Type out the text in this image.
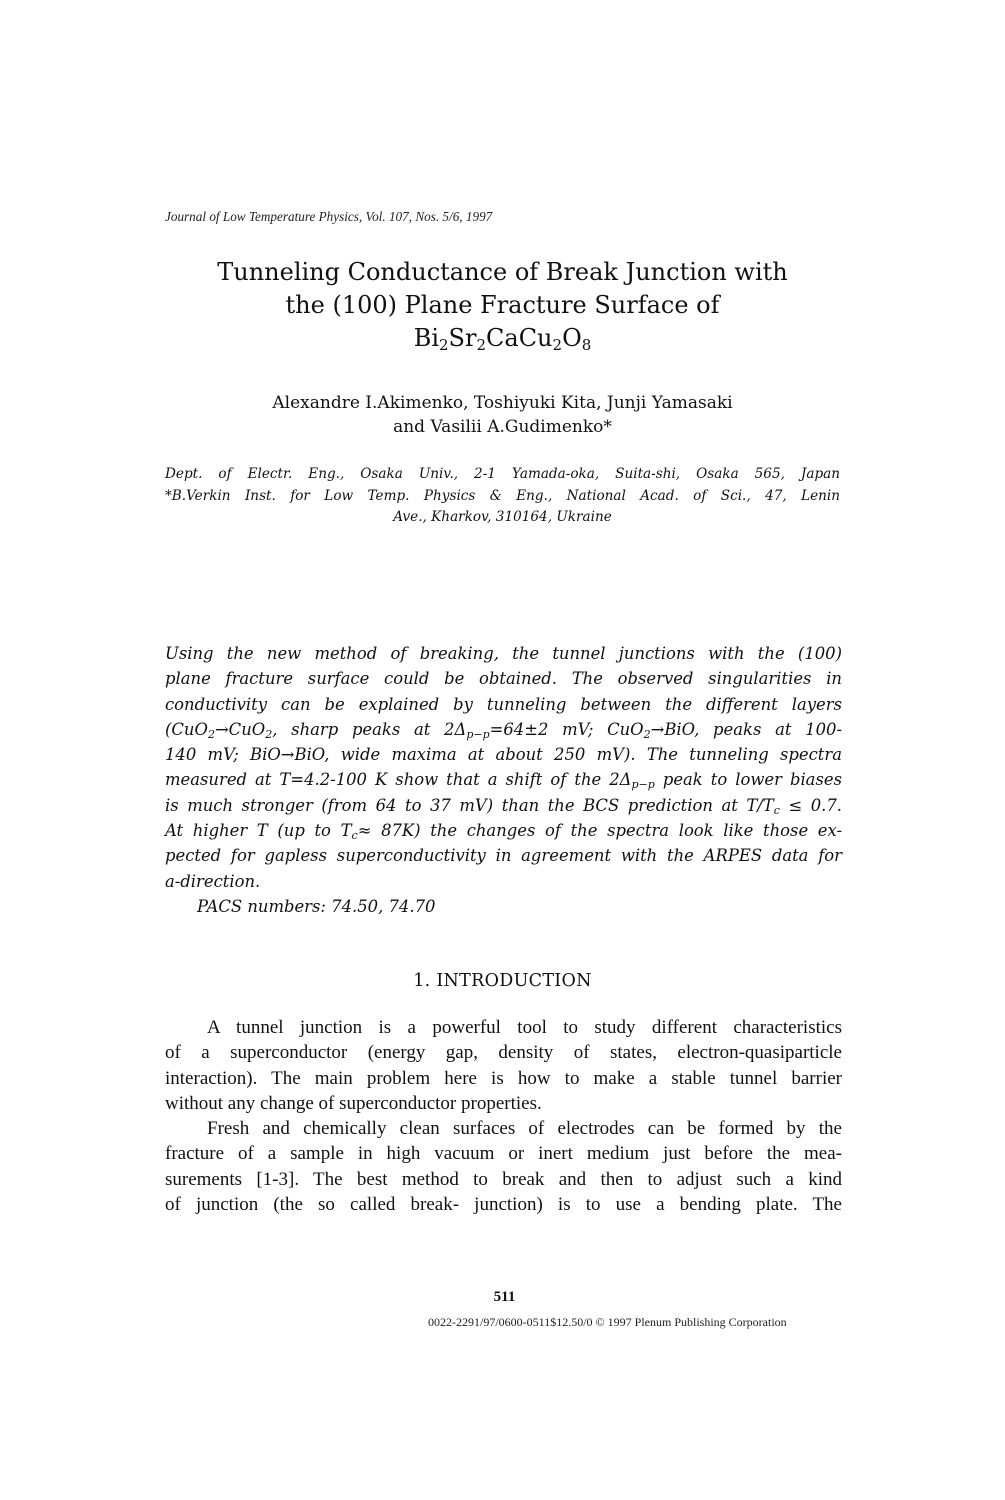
Journal of Low Temperature Physics, Vol. 107, Nos. 5/6, 1997
Tunneling Conductance of Break Junction with
the (100) Plane Fracture Surface of
$Bi_2Sr_2CaCu_2O_8$
Alexandre I.Akimenko, Toshiyuki Kita, Junji Yamasaki
and Vasilii A.Gudimenko*
Dept. of Electr. Eng., Osaka Univ., 2-1 Yamada-oka, Suita-shi, Osaka 565, Japan
*B.Verkin Inst. for Low Temp. Physics & Eng., National Acad. of Sci., 47, Lenin
Ave., Kharkov, 310164, Ukraine
Using the new method of breaking, the tunnel junctions with the (100)
plane fracture surface could be obtained. The observed singularities in
conductivity can be explained by tunneling between the different layers
(CuO$_2$→CuO$_2$, sharp peaks at $2\Delta_{p-p}=64\pm 2$ mV; CuO$_2$→BiO, peaks at 100-
140 mV; BiO→BiO, wide maxima at about 250 mV). The tunneling spectra
measured at T=4.2-100 K show that a shift of the $2\Delta_{p-p}$ peak to lower biases
is much stronger (from 64 to 37 mV) than the BCS prediction at $T/T_c \le 0.7$.
At higher T (up to $T_c\approx 87K$) the changes of the spectra look like those ex-
pected for gapless superconductivity in agreement with the ARPES data for
a-direction.
PACS numbers: 74.50, 74.70
1. INTRODUCTION
A tunnel junction is a powerful tool to study different characteristics
of a superconductor (energy gap, density of states, electron-quasiparticle
interaction). The main problem here is how to make a stable tunnel barrier
without any change of superconductor properties.
Fresh and chemically clean surfaces of electrodes can be formed by the
fracture of a sample in high vacuum or inert medium just before the mea-
surements [1-3]. The best method to break and then to adjust such a kind
of junction (the so called break- junction) is to use a bending plate. The
511
0022-2291/97/0600-0511$12.50/0 © 1997 Plenum Publishing Corporation
